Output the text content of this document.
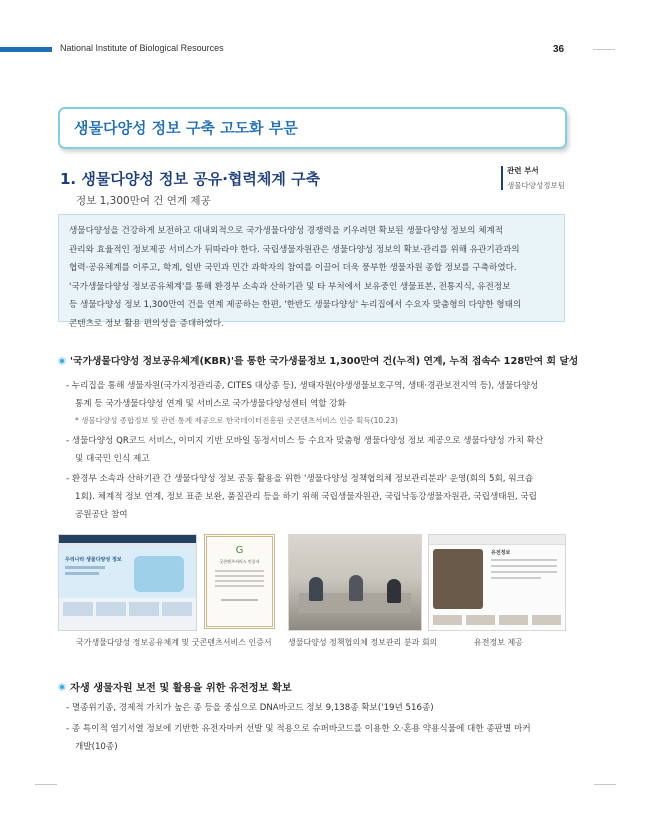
National Institute of Biological Resources	36
생물다양성 정보 구축 고도화 부문
1. 생물다양성 정보 공유·협력체계 구축
정보 1,300만여 건 연계 제공
관련 부서
생물다양성정보팀
생물다양성을 건강하게 보전하고 대내외적으로 국가생물다양성 경쟁력을 키우려면 확보된 생물다양성 정보의 체계적
관리와 효율적인 정보제공 서비스가 뒤따라야 한다. 국립생물자원관은 생물다양성 정보의 확보·관리를 위해 유관기관과의
협력·공유체계를 이루고, 학계, 일반 국민과 민간 과학자의 참여를 이끌어 더욱 풍부한 생물자원 종합 정보를 구축하였다.
'국가생물다양성 정보공유체계'를 통해 환경부 소속과 산하기관 및 타 부처에서 보유중인 생물표본, 전통지식, 유전정보
등 생물다양성 정보 1,300만여 건을 연계 제공하는 한편, '한반도 생물다양성' 누리집에서 수요자 맞춤형의 다양한 형태의
콘텐츠로 정보 활용 편의성을 증대하였다.
'국가생물다양성 정보공유체계(KBR)'를 통한 국가생물정보 1,300만여 건(누적) 연계, 누적 접속수 128만여 회 달성
- 누리집을 통해 생물자원(국가지정관리종, CITES 대상종 등), 생태자원(야생생물보호구역, 생태·경관보전지역 등), 생물다양성
통계 등 국가생물다양성 연계 및 서비스로 국가생물다양성센터 역할 강화
* 생물다양성 종합정보 및 관련 통계 제공으로 한국데이터진흥원 굿콘텐츠서비스 인증 획득(10.23)
- 생물다양성 QR코드 서비스, 이미지 기반 모바일 동정서비스 등 수요자 맞춤형 생물다양성 정보 제공으로 생물다양성 가치 확산
및 대국민 인식 제고
- 환경부 소속과 산하기관 간 생물다양성 정보 공동 활용을 위한 '생물다양성 정책협의체 정보관리분과' 운영(회의 5회, 워크숍
1회). 체계적 정보 연계, 정보 표준 보완, 품질관리 등을 하기 위해 국립생물자원관, 국립낙동강생물자원관, 국립생태원, 국립
공원공단 참여
우리나라 생물다양성 정보
G
굿콘텐츠서비스 인증서
유전정보
국가생물다양성 정보공유체계 및 굿콘텐츠서비스 인증서 생물다양성 정책협의체 정보관리 분과 회의	유전정보 제공
자생 생물자원 보전 및 활용을 위한 유전정보 확보
- 멸종위기종, 경제적 가치가 높은 종 등을 중심으로 DNA바코드 정보 9,138종 확보('19년 516종)
- 종 특이적 염기서열 정보에 기반한 유전자마커 선발 및 적용으로 슈퍼바코드를 이용한 오·혼용 약용식물에 대한 종판별 마커
개발(10종)
